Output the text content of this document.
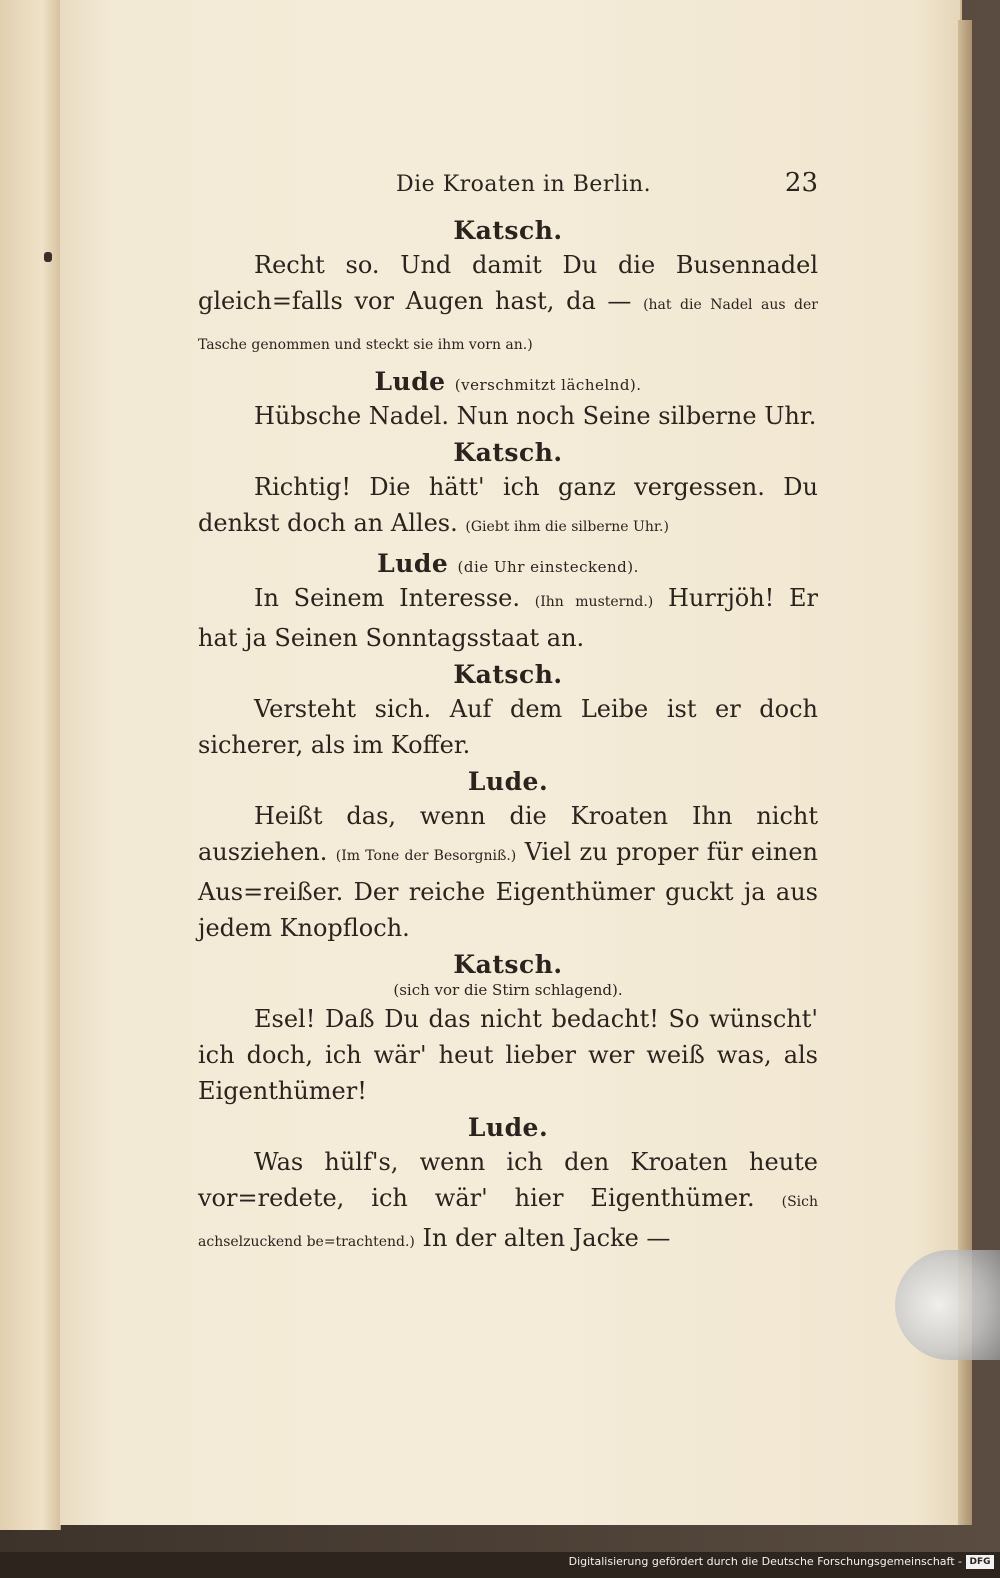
Die Kroaten in Berlin.	23
Katsch.

Recht so. Und damit Du die Busennadel gleich=falls vor Augen hast, da — (hat die Nadel aus der Tasche genommen und steckt sie ihm vorn an.)

Lude (verschmitzt lächelnd).

Hübsche Nadel. Nun noch Seine silberne Uhr.

Katsch.

Richtig! Die hätt' ich ganz vergessen. Du denkst doch an Alles. (Giebt ihm die silberne Uhr.)

Lude (die Uhr einsteckend).

In Seinem Interesse. (Ihn musternd.) Hurrjöh! Er hat ja Seinen Sonntagsstaat an.

Katsch.

Versteht sich. Auf dem Leibe ist er doch sicherer, als im Koffer.

Lude.

Heißt das, wenn die Kroaten Ihn nicht ausziehen. (Im Tone der Besorgniß.) Viel zu proper für einen Aus=reißer. Der reiche Eigenthümer guckt ja aus jedem Knopfloch.

Katsch.
(sich vor die Stirn schlagend).

Esel! Daß Du das nicht bedacht! So wünscht' ich doch, ich wär' heut lieber wer weiß was, als Eigenthümer!

Lude.

Was hülf's, wenn ich den Kroaten heute vor=redete, ich wär' hier Eigenthümer. (Sich achselzuckend be=trachtend.) In der alten Jacke —

Digitalisierung gefördert durch die Deutsche Forschungsgemeinschaft - DFG
